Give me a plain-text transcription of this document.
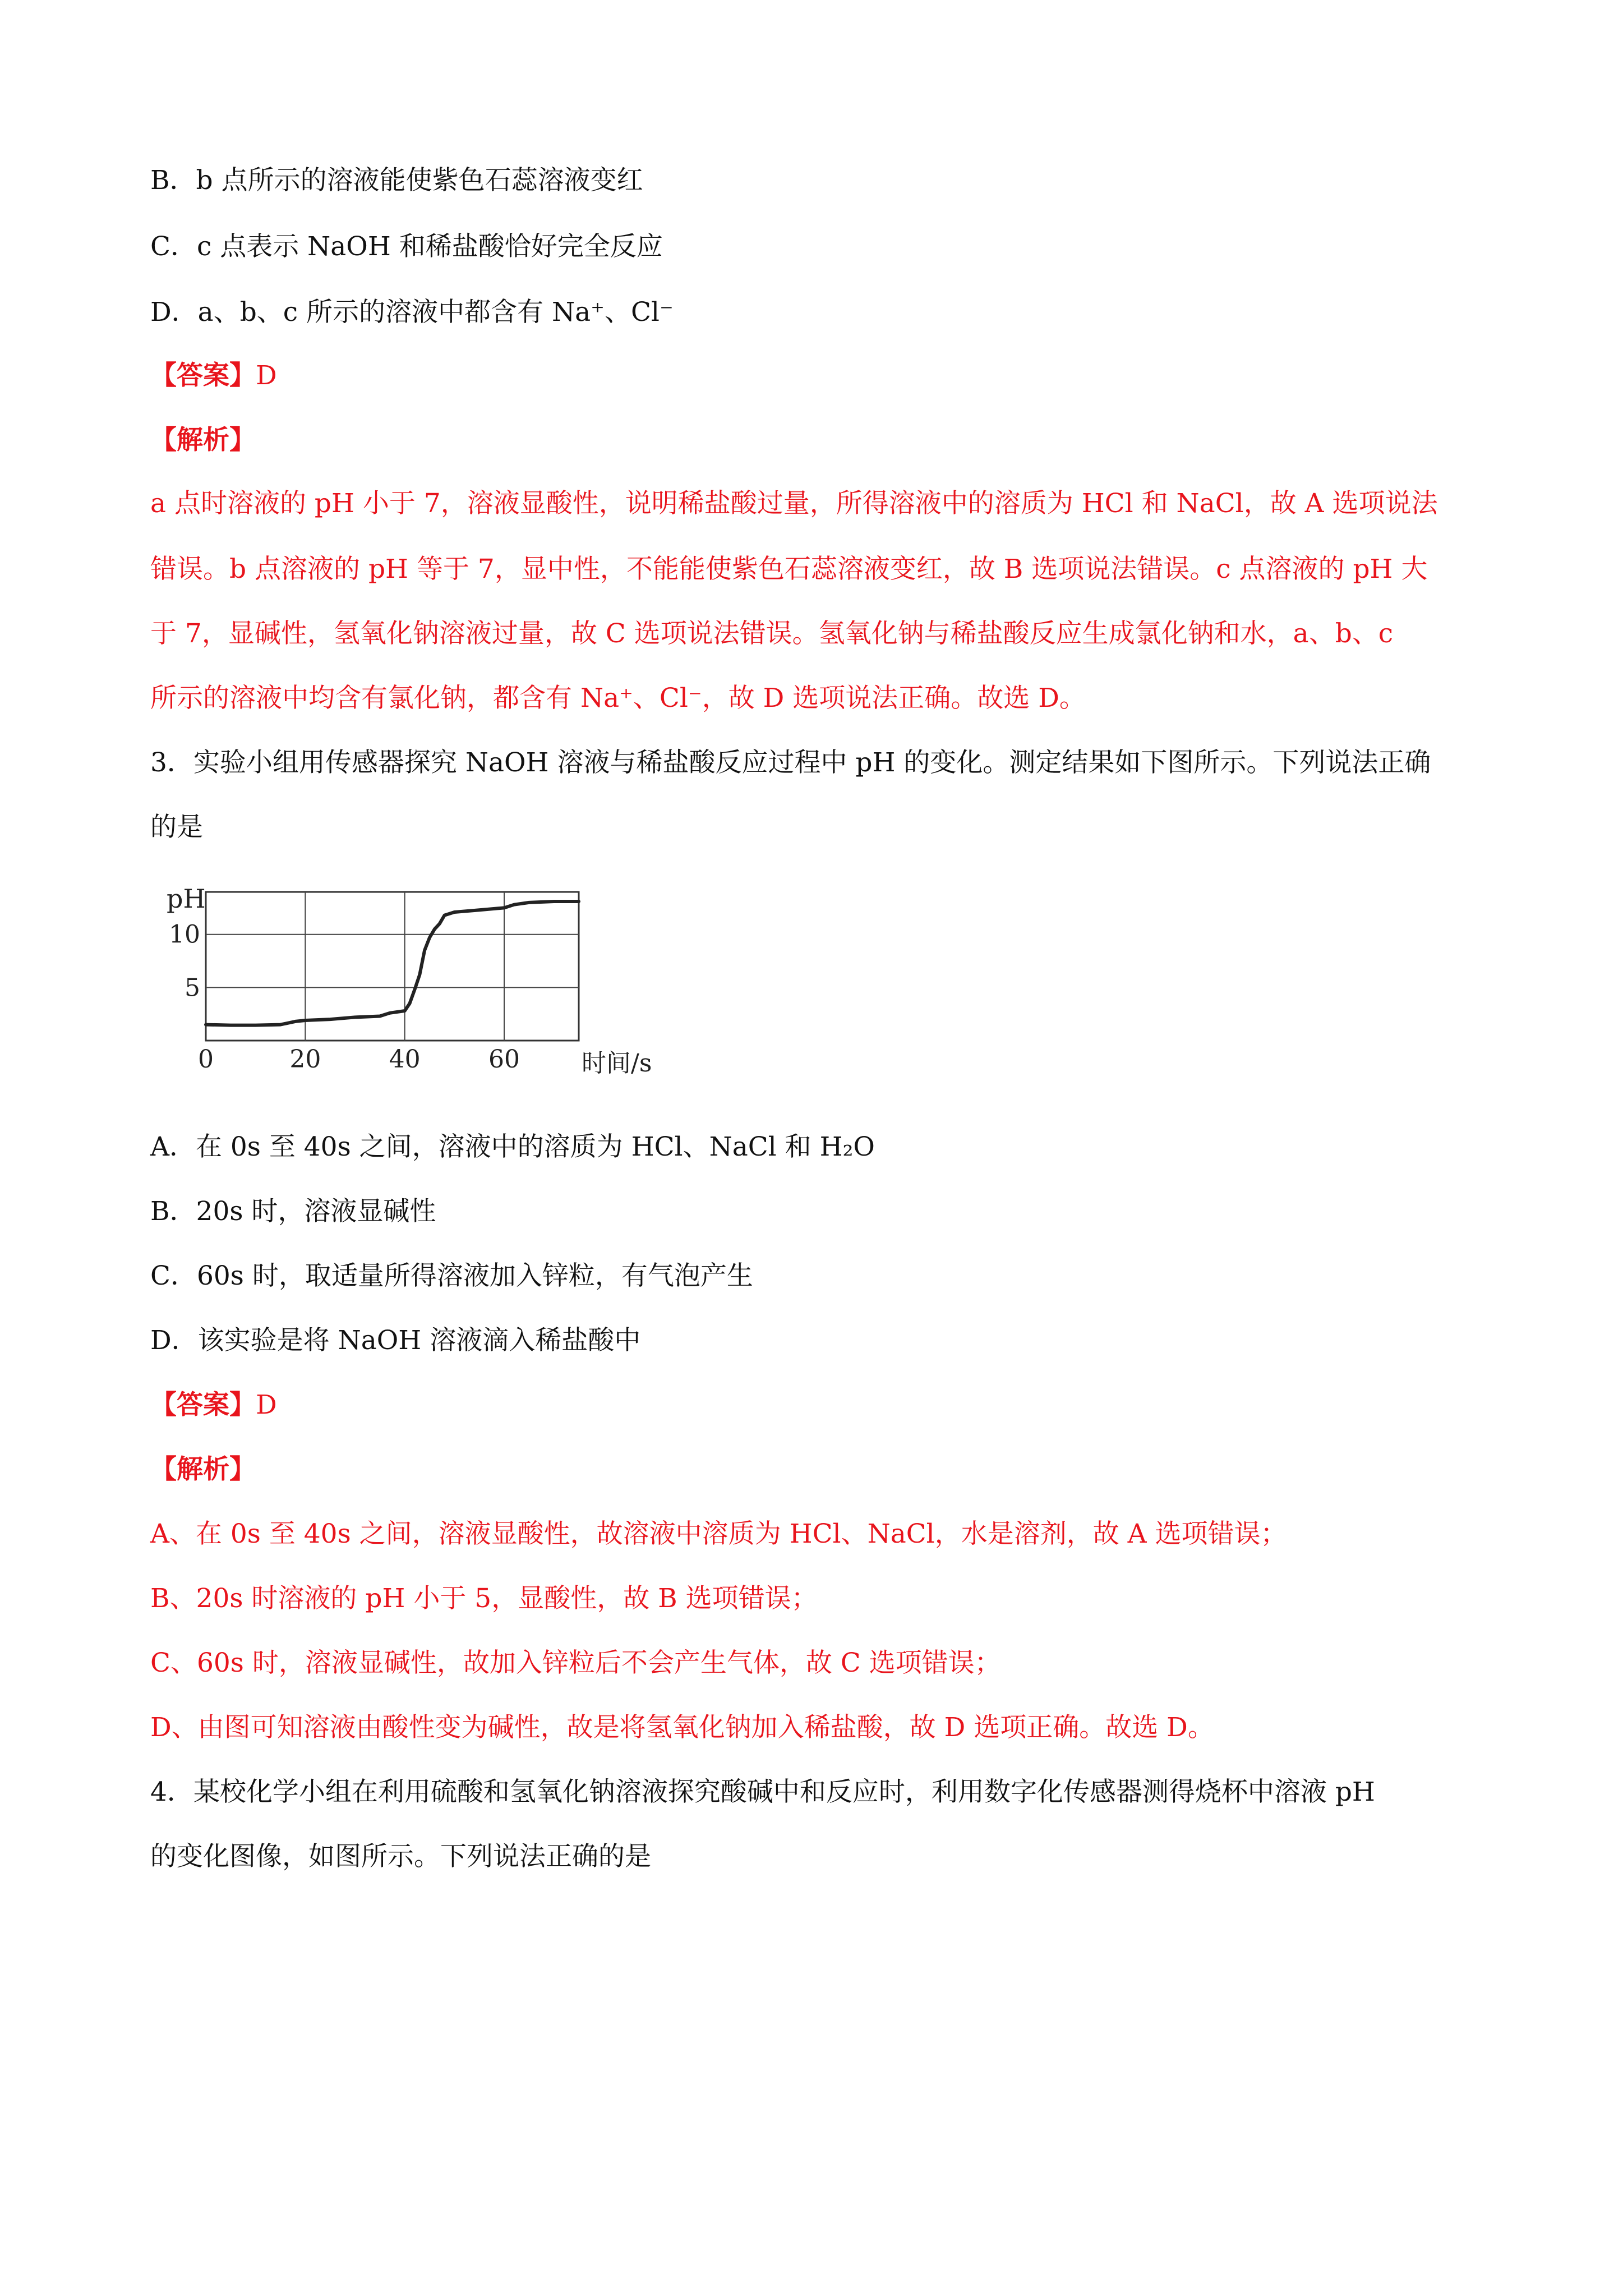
B．b 点所示的溶液能使紫色石蕊溶液变红
C．c 点表示 NaOH 和稀盐酸恰好完全反应
D．a、b、c 所示的溶液中都含有 Na⁺、Cl⁻
【答案】D
【解析】
a 点时溶液的 pH 小于 7，溶液显酸性，说明稀盐酸过量，所得溶液中的溶质为 HCl 和 NaCl，故 A 选项说法
错误。b 点溶液的 pH 等于 7，显中性，不能能使紫色石蕊溶液变红，故 B 选项说法错误。c 点溶液的 pH 大
于 7，显碱性，氢氧化钠溶液过量，故 C 选项说法错误。氢氧化钠与稀盐酸反应生成氯化钠和水，a、b、c
所示的溶液中均含有氯化钠，都含有 Na⁺、Cl⁻，故 D 选项说法正确。故选 D。
3．实验小组用传感器探究 NaOH 溶液与稀盐酸反应过程中 pH 的变化。测定结果如下图所示。下列说法正确
的是
0	20	40	60
5
10
pH
时间/s
A．在 0s 至 40s 之间，溶液中的溶质为 HCl、NaCl 和 H₂O
B．20s 时，溶液显碱性
C．60s 时，取适量所得溶液加入锌粒，有气泡产生
D．该实验是将 NaOH 溶液滴入稀盐酸中
【答案】D
【解析】
A、在 0s 至 40s 之间，溶液显酸性，故溶液中溶质为 HCl、NaCl，水是溶剂，故 A 选项错误；
B、20s 时溶液的 pH 小于 5，显酸性，故 B 选项错误；
C、60s 时，溶液显碱性，故加入锌粒后不会产生气体，故 C 选项错误；
D、由图可知溶液由酸性变为碱性，故是将氢氧化钠加入稀盐酸，故 D 选项正确。故选 D。
4．某校化学小组在利用硫酸和氢氧化钠溶液探究酸碱中和反应时，利用数字化传感器测得烧杯中溶液 pH
的变化图像，如图所示。下列说法正确的是
